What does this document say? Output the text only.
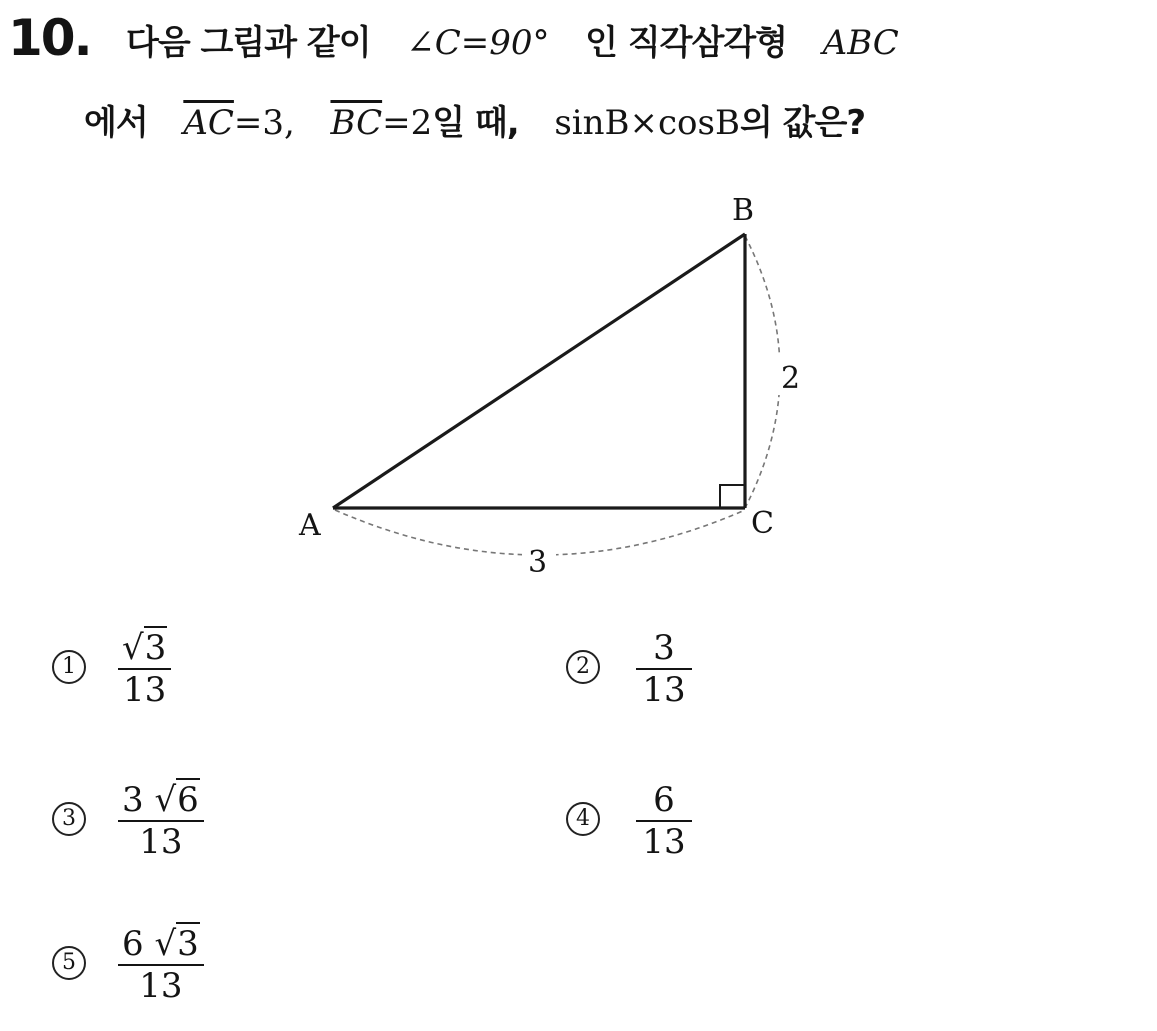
10. 다음 그림과 같이 ∠C=90° 인 직각삼각형 ABC
에서 $\overline{AC}=3$, $\overline{BC}=2$일 때, sinB×cosB의 값은?
B
A	C
2
3
1 √3
13
2	3
13
3 3 √6
13
4	6
13
5 6 √3
13
